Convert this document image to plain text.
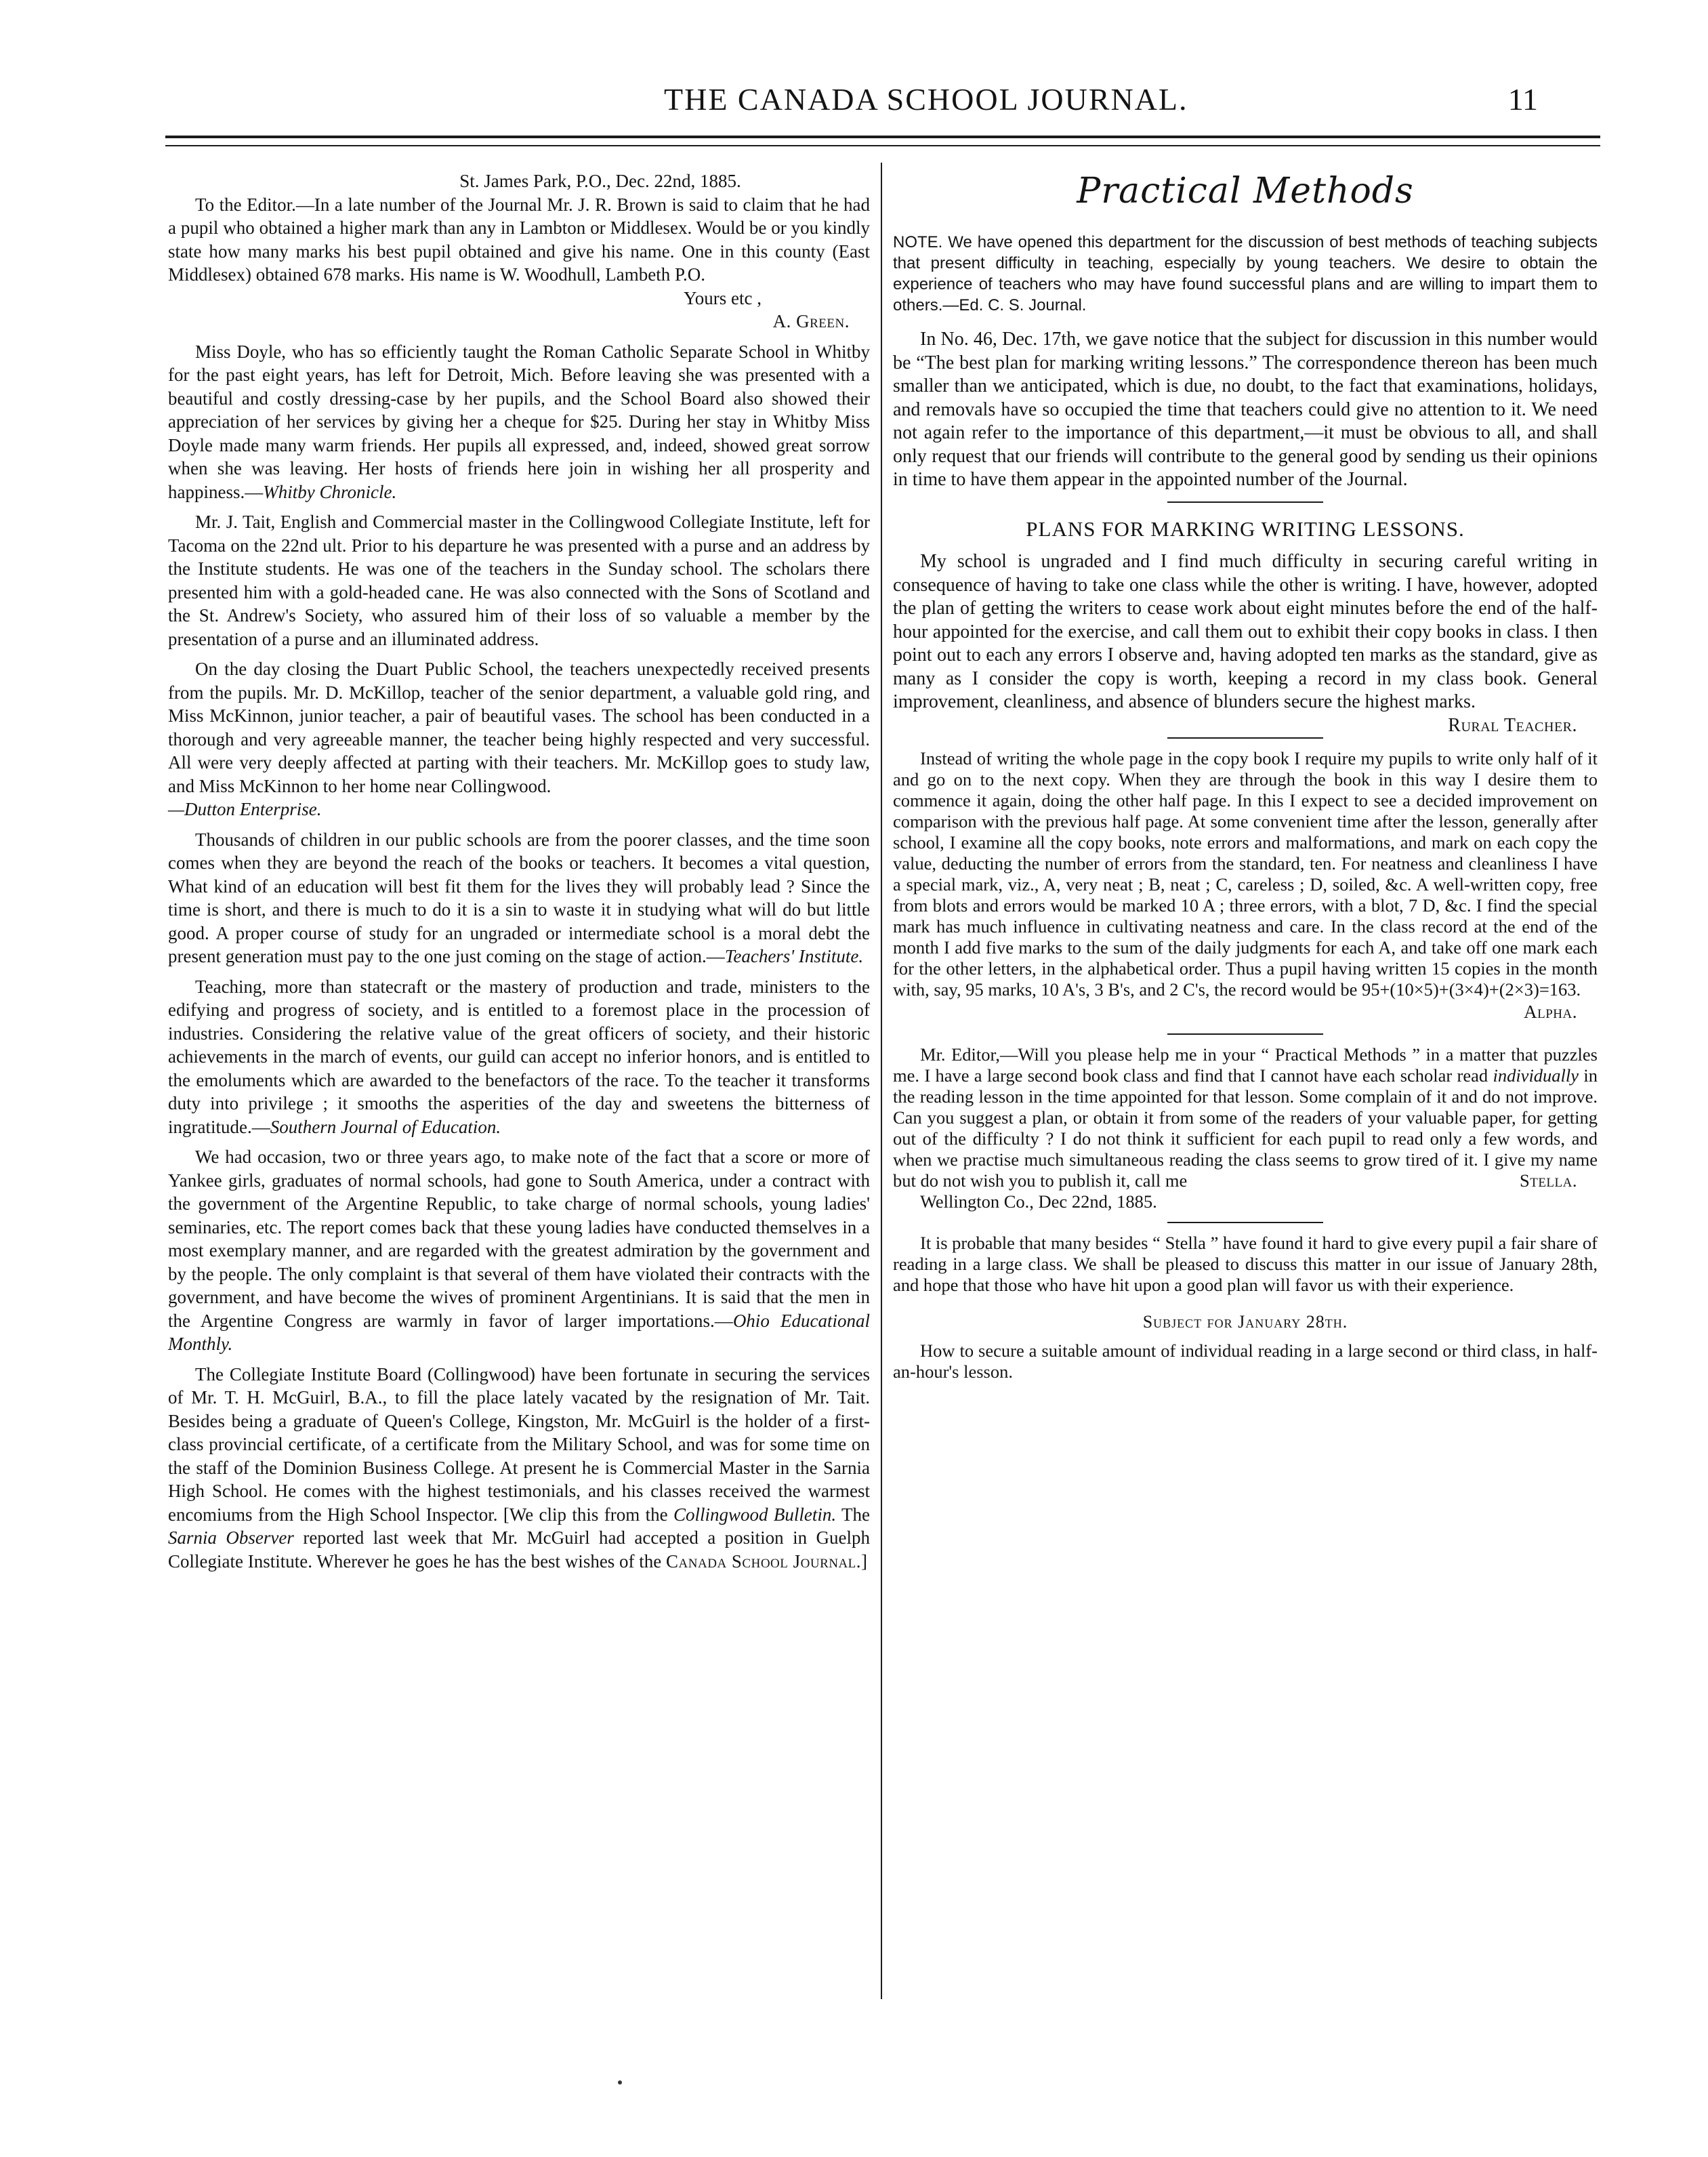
THE CANADA SCHOOL JOURNAL.	11

St. James Park, P.O., Dec. 22nd, 1885.

To the Editor.—In a late number of the Journal Mr. J. R. Brown is said to claim that he had a pupil who obtained a higher mark than any in Lambton or Middlesex. Would be or you kindly state how many marks his best pupil obtained and give his name. One in this county (East Middlesex) obtained 678 marks. His name is W. Woodhull, Lambeth P.O.

Yours etc ,

A. Green.

Miss Doyle, who has so efficiently taught the Roman Catholic Separate School in Whitby for the past eight years, has left for Detroit, Mich. Before leaving she was presented with a beautiful and costly dressing-case by her pupils, and the School Board also showed their appreciation of her services by giving her a cheque for $25. During her stay in Whitby Miss Doyle made many warm friends. Her pupils all expressed, and, indeed, showed great sorrow when she was leaving. Her hosts of friends here join in wishing her all prosperity and happiness.—Whitby Chronicle.

Mr. J. Tait, English and Commercial master in the Collingwood Collegiate Institute, left for Tacoma on the 22nd ult. Prior to his departure he was presented with a purse and an address by the Institute students. He was one of the teachers in the Sunday school. The scholars there presented him with a gold-headed cane. He was also connected with the Sons of Scotland and the St. Andrew's Society, who assured him of their loss of so valuable a member by the presentation of a purse and an illuminated address.

On the day closing the Duart Public School, the teachers unexpectedly received presents from the pupils. Mr. D. McKillop, teacher of the senior department, a valuable gold ring, and Miss McKinnon, junior teacher, a pair of beautiful vases. The school has been conducted in a thorough and very agreeable manner, the teacher being highly respected and very successful. All were very deeply affected at parting with their teachers. Mr. McKillop goes to study law, and Miss McKinnon to her home near Collingwood.
—Dutton Enterprise.

Thousands of children in our public schools are from the poorer classes, and the time soon comes when they are beyond the reach of the books or teachers. It becomes a vital question, What kind of an education will best fit them for the lives they will probably lead ? Since the time is short, and there is much to do it is a sin to waste it in studying what will do but little good. A proper course of study for an ungraded or intermediate school is a moral debt the present generation must pay to the one just coming on the stage of action.—Teachers' Institute.

Teaching, more than statecraft or the mastery of production and trade, ministers to the edifying and progress of society, and is entitled to a foremost place in the procession of industries. Considering the relative value of the great officers of society, and their historic achievements in the march of events, our guild can accept no inferior honors, and is entitled to the emoluments which are awarded to the benefactors of the race. To the teacher it transforms duty into privilege ; it smooths the asperities of the day and sweetens the bitterness of ingratitude.—Southern Journal of Education.

We had occasion, two or three years ago, to make note of the fact that a score or more of Yankee girls, graduates of normal schools, had gone to South America, under a contract with the government of the Argentine Republic, to take charge of normal schools, young ladies' seminaries, etc. The report comes back that these young ladies have conducted themselves in a most exemplary manner, and are regarded with the greatest admiration by the government and by the people. The only complaint is that several of them have violated their contracts with the government, and have become the wives of prominent Argentinians. It is said that the men in the Argentine Congress are warmly in favor of larger importations.—Ohio Educational Monthly.

The Collegiate Institute Board (Collingwood) have been fortunate in securing the services of Mr. T. H. McGuirl, B.A., to fill the place lately vacated by the resignation of Mr. Tait. Besides being a graduate of Queen's College, Kingston, Mr. McGuirl is the holder of a first-class provincial certificate, of a certificate from the Military School, and was for some time on the staff of the Dominion Business College. At present he is Commercial Master in the Sarnia High School. He comes with the highest testimonials, and his classes received the warmest encomiums from the High School Inspector. [We clip this from the Collingwood Bulletin. The Sarnia Observer reported last week that Mr. McGuirl had accepted a position in Guelph Collegiate Institute. Wherever he goes he has the best wishes of the Canada School Journal.]

Practical Methods

NOTE. We have opened this department for the discussion of best methods of teaching subjects that present difficulty in teaching, especially by young teachers. We desire to obtain the experience of teachers who may have found successful plans and are willing to impart them to others.—Ed. C. S. Journal.

In No. 46, Dec. 17th, we gave notice that the subject for discussion in this number would be “The best plan for marking writing lessons.” The correspondence thereon has been much smaller than we anticipated, which is due, no doubt, to the fact that examinations, holidays, and removals have so occupied the time that teachers could give no attention to it. We need not again refer to the importance of this department,—it must be obvious to all, and shall only request that our friends will contribute to the general good by sending us their opinions in time to have them appear in the appointed number of the Journal.

PLANS FOR MARKING WRITING LESSONS.

My school is ungraded and I find much difficulty in securing careful writing in consequence of having to take one class while the other is writing. I have, however, adopted the plan of getting the writers to cease work about eight minutes before the end of the half-hour appointed for the exercise, and call them out to exhibit their copy books in class. I then point out to each any errors I observe and, having adopted ten marks as the standard, give as many as I consider the copy is worth, keeping a record in my class book. General improvement, cleanliness, and absence of blunders secure the highest marks.
Rural Teacher.

Instead of writing the whole page in the copy book I require my pupils to write only half of it and go on to the next copy. When they are through the book in this way I desire them to commence it again, doing the other half page. In this I expect to see a decided improvement on comparison with the previous half page. At some convenient time after the lesson, generally after school, I examine all the copy books, note errors and malformations, and mark on each copy the value, deducting the number of errors from the standard, ten. For neatness and cleanliness I have a special mark, viz., A, very neat ; B, neat ; C, careless ; D, soiled, &c. A well-written copy, free from blots and errors would be marked 10 A ; three errors, with a blot, 7 D, &c. I find the special mark has much influence in cultivating neatness and care. In the class record at the end of the month I add five marks to the sum of the daily judgments for each A, and take off one mark each for the other letters, in the alphabetical order. Thus a pupil having written 15 copies in the month with, say, 95 marks, 10 A's, 3 B's, and 2 C's, the record would be 95+(10×5)+(3×4)+(2×3)=163.

Alpha.

Mr. Editor,—Will you please help me in your “ Practical Methods ” in a matter that puzzles me. I have a large second book class and find that I cannot have each scholar read individually in the reading lesson in the time appointed for that lesson. Some complain of it and do not improve. Can you suggest a plan, or obtain it from some of the readers of your valuable paper, for getting out of the difficulty ? I do not think it sufficient for each pupil to read only a few words, and when we practise much simultaneous reading the class seems to grow tired of it. I give my name but do not wish you to publish it, call me	Stella.

Wellington Co., Dec 22nd, 1885.

It is probable that many besides “ Stella ” have found it hard to give every pupil a fair share of reading in a large class. We shall be pleased to discuss this matter in our issue of January 28th, and hope that those who have hit upon a good plan will favor us with their experience.

Subject for January 28th.

How to secure a suitable amount of individual reading in a large second or third class, in half-an-hour's lesson.
